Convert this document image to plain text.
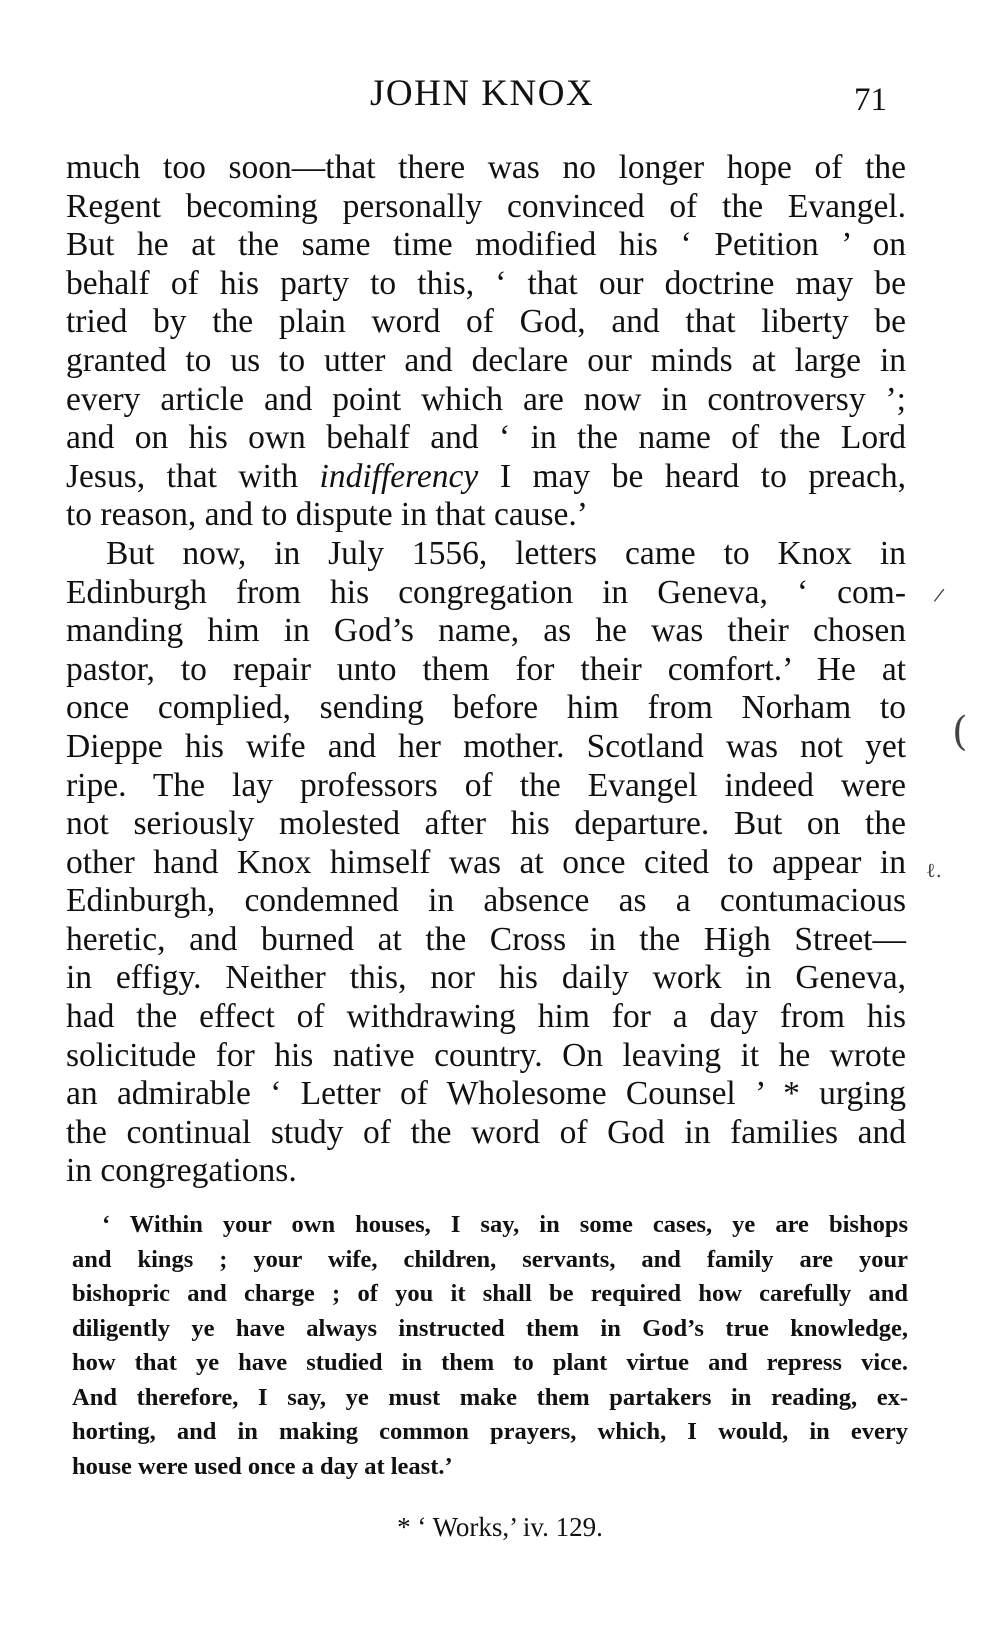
JOHN KNOX	71
much too soon—that there was no longer hope of the
Regent becoming personally convinced of the Evangel.
But he at the same time modified his ‘ Petition ’ on
behalf of his party to this, ‘ that our doctrine may be
tried by the plain word of God, and that liberty be
granted to us to utter and declare our minds at large in
every article and point which are now in controversy ’;
and on his own behalf and ‘ in the name of the Lord
Jesus, that with indifferency I may be heard to preach,
to reason, and to dispute in that cause.’
But now, in July 1556, letters came to Knox in
Edinburgh from his congregation in Geneva, ‘ com-
manding him in God’s name, as he was their chosen
pastor, to repair unto them for their comfort.’ He at
once complied, sending before him from Norham to
Dieppe his wife and her mother. Scotland was not yet
ripe. The lay professors of the Evangel indeed were
not seriously molested after his departure. But on the
other hand Knox himself was at once cited to appear in
Edinburgh, condemned in absence as a contumacious
heretic, and burned at the Cross in the High Street—
in effigy. Neither this, nor his daily work in Geneva,
had the effect of withdrawing him for a day from his
solicitude for his native country. On leaving it he wrote
an admirable ‘ Letter of Wholesome Counsel ’ * urging
the continual study of the word of God in families and
in congregations.
‘ Within your own houses, I say, in some cases, ye are bishops
and kings ; your wife, children, servants, and family are your
bishopric and charge ; of you it shall be required how carefully and
diligently ye have always instructed them in God’s true knowledge,
how that ye have studied in them to plant virtue and repress vice.
And therefore, I say, ye must make them partakers in reading, ex-
horting, and in making common prayers, which, I would, in every
house were used once a day at least.’
* ‘ Works,’ iv. 129.
/
(
ℓ.
